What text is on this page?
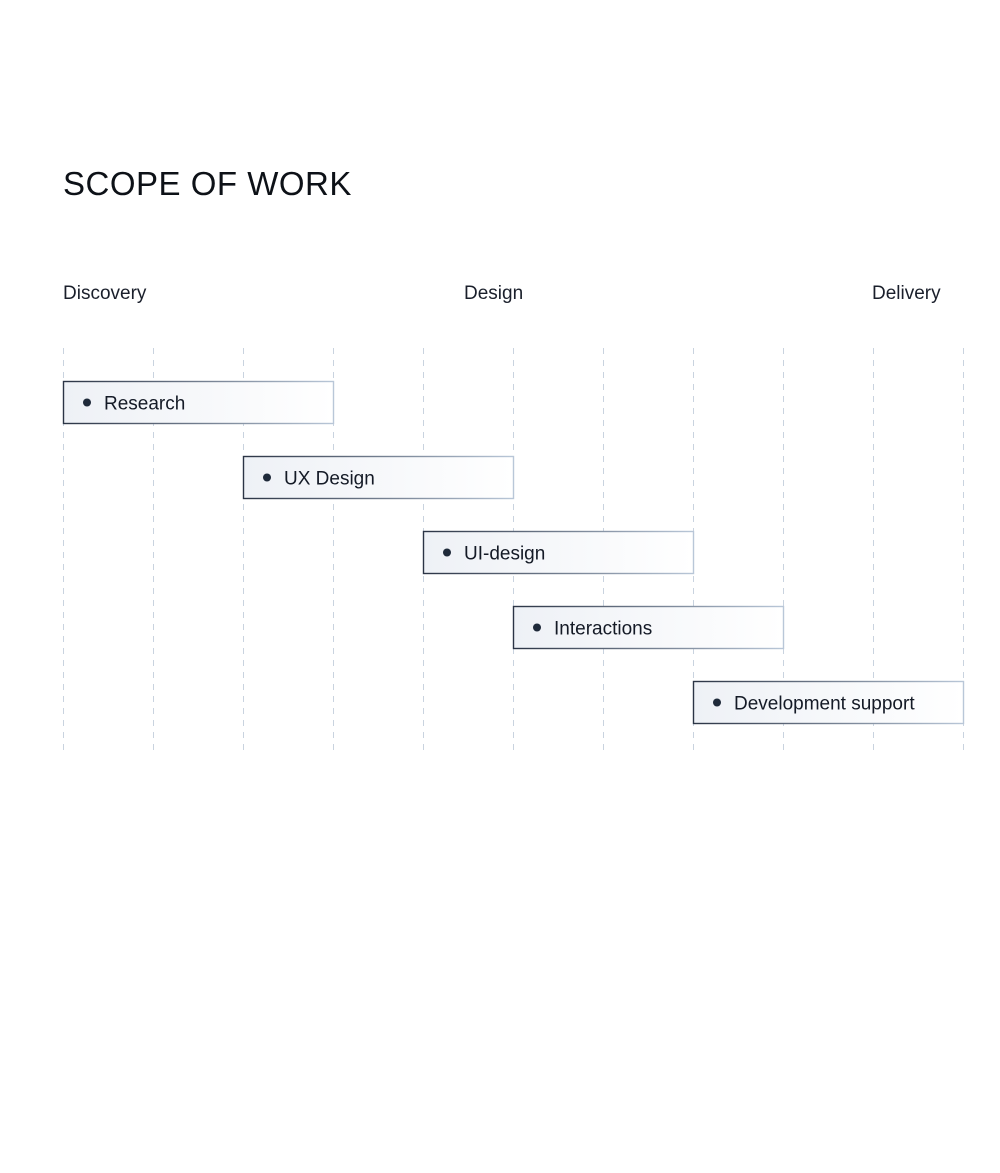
SCOPE OF WORK
Discovery	Design	Delivery
Research
UX Design
UI-design
Interactions
Development support
